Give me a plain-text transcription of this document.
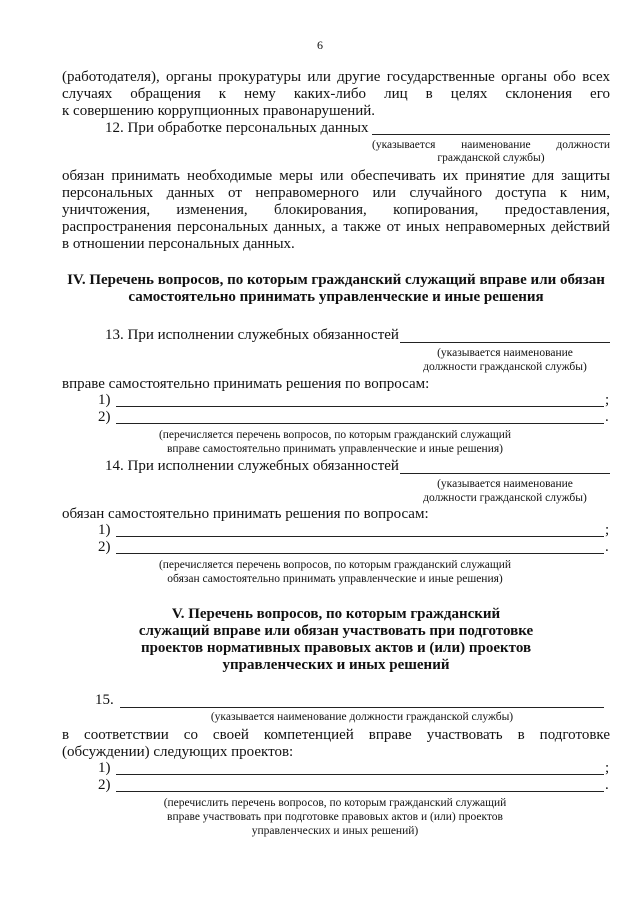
6
(работодателя), органы прокуратуры или другие государственные органы обо всех
случаях обращения к нему каких-либо лиц в целях склонения его
к совершению коррупционных правонарушений.
12. При обработке персональных данных
(указывается наименование должности
гражданской службы)
обязан принимать необходимые меры или обеспечивать их принятие для защиты
персональных данных от неправомерного или случайного доступа к ним,
уничтожения, изменения, блокирования, копирования, предоставления,
распространения персональных данных, а также от иных неправомерных действий
в отношении персональных данных.
IV. Перечень вопросов, по которым гражданский служащий вправе или обязан
самостоятельно принимать управленческие и иные решения
13. При исполнении служебных обязанностей
(указывается наименование
должности гражданской службы)
вправе самостоятельно принимать решения по вопросам:
1)	;
2)	.
(перечисляется перечень вопросов, по которым гражданский служащий
вправе самостоятельно принимать управленческие и иные решения)
14. При исполнении служебных обязанностей
(указывается наименование
должности гражданской службы)
обязан самостоятельно принимать решения по вопросам:
1)	;
2)	.
(перечисляется перечень вопросов, по которым гражданский служащий
обязан самостоятельно принимать управленческие и иные решения)
V. Перечень вопросов, по которым гражданский
служащий вправе или обязан участвовать при подготовке
проектов нормативных правовых актов и (или) проектов
управленческих и иных решений
15.
(указывается наименование должности гражданской службы)
в соответствии со своей компетенцией вправе участвовать в подготовке
(обсуждении) следующих проектов:
1)	;
2)	.
(перечислить перечень вопросов, по которым гражданский служащий
вправе участвовать при подготовке правовых актов и (или) проектов
управленческих и иных решений)
